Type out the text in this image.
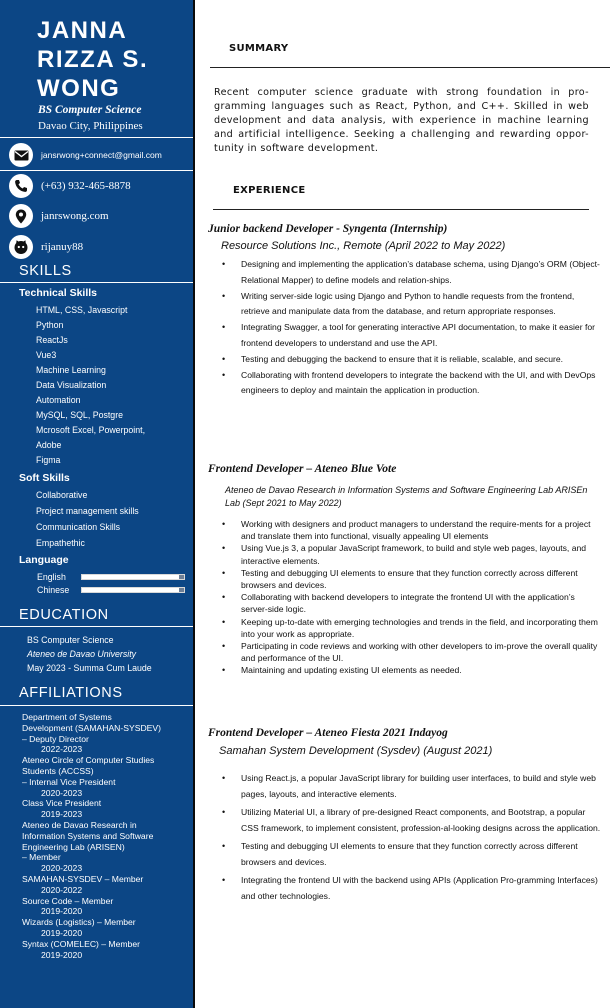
JANNA
RIZZA S.
WONG
BS Computer Science
Davao City, Philippines
jansrwong+connect@gmail.com
(+63) 932-465-8878
janrswong.com
rijanuy88
SKILLS
Technical Skills
HTML, CSS, Javascript
Python
ReactJs
Vue3
Machine Learning
Data Visualization
Automation
MySQL, SQL, Postgre
Mcrosoft Excel, Powerpoint,
Adobe
Figma
Soft Skills
Collaborative
Project management skills
Communication Skills
Empathethic
Language
English
Chinese
EDUCATION
BS Computer Science
Ateneo de Davao University
May 2023 - Summa Cum Laude
AFFILIATIONS
Department of Systems
Development (SAMAHAN-SYSDEV)
– Deputy Director
2022-2023
Ateneo Circle of Computer Studies
Students (ACCSS)
– Internal Vice President
2020-2023
Class Vice President
2019-2023
Ateneo de Davao Research in
Information Systems and Software
Engineering Lab (ARISEN)
– Member
2020-2023
SAMAHAN-SYSDEV – Member
2020-2022
Source Code – Member
2019-2020
Wizards (Logistics) – Member
2019-2020
Syntax (COMELEC) – Member
2019-2020
SUMMARY
Recent computer science graduate with strong foundation in pro-gramming languages such as React, Python, and C++. Skilled in web development and data analysis, with experience in machine learning and artificial intelligence. Seeking a challenging and rewarding oppor-tunity in software development.
EXPERIENCE
Junior backend Developer - Syngenta (Internship)
Resource Solutions Inc., Remote (April 2022 to May 2022)
• Designing and implementing the application’s database schema, using Django’s ORM (Object-Relational Mapper) to define models and relation-ships.
• Writing server-side logic using Django and Python to handle requests from the frontend, retrieve and manipulate data from the database, and return appropriate responses.
• Integrating Swagger, a tool for generating interactive API documentation, to make it easier for frontend developers to understand and use the API.
• Testing and debugging the backend to ensure that it is reliable, scalable, and secure.
• Collaborating with frontend developers to integrate the backend with the UI, and with DevOps engineers to deploy and maintain the application in production.
Frontend Developer – Ateneo Blue Vote
Ateneo de Davao Research in Information Systems and Software Engineering Lab ARISEn Lab (Sept 2021 to May 2022)
• Working with designers and product managers to understand the require-ments for a project and translate them into functional, visually appealing UI elements
• Using Vue.js 3, a popular JavaScript framework, to build and style web pages, layouts, and interactive elements.
• Testing and debugging UI elements to ensure that they function correctly across different browsers and devices.
• Collaborating with backend developers to integrate the frontend UI with the application’s server-side logic.
• Keeping up-to-date with emerging technologies and trends in the field, and incorporating them into your work as appropriate.
• Participating in code reviews and working with other developers to im-prove the overall quality and performance of the UI.
• Maintaining and updating existing UI elements as needed.
Frontend Developer – Ateneo Fiesta 2021 Indayog
Samahan System Development (Sysdev) (August 2021)
• Using React.js, a popular JavaScript library for building user interfaces, to build and style web pages, layouts, and interactive elements.
• Utilizing Material UI, a library of pre-designed React components, and Bootstrap, a popular CSS framework, to implement consistent, profession-al-looking designs across the application.
• Testing and debugging UI elements to ensure that they function correctly across different browsers and devices.
• Integrating the frontend UI with the backend using APIs (Application Pro-gramming Interfaces) and other technologies.
